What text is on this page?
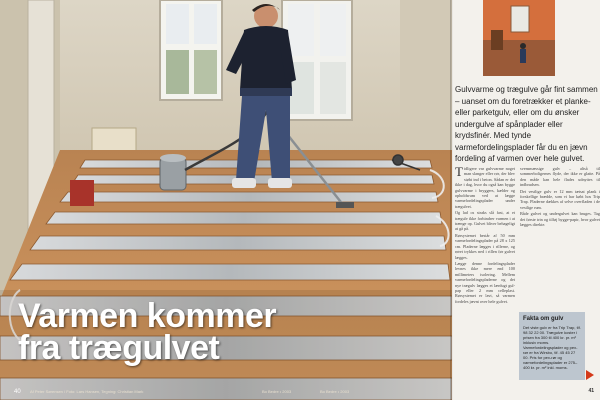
Varmen kommer
fra trægulvet
40 Af Peter Sørensen / Foto: Lars Hansen, Tegning: Christian Mark	Bo Bedre • 2003	Bo Bedre • 2003

Gulvvarme og trægulve går fint sammen – uanset om du foretrækker et planke- eller parketgulv, eller om du ønsker undergulve af spånplader eller krydsfinér. Med tynde varmefordelingsplader får du en jævn fordeling af varmen over hele gulvet.

Tidligere var gulvvarme noget man slanger eller rør, der blev støbt ind i beton. Sådan er det ikke i dag, hvor du også kan bygge gulvvarme i bryggers, kælder og opholdsrum ved at lægge varmefordelingsplader under trægulvet.

Og lad os straks slå fast, at et trægulv ikke forhindrer varmen i at trænge op. Gulvet bliver behageligt at gå på.

Rørsystemet består af 50 mm varmefordelingsplader på 28 x 125 cm. Pladerne lægges i rillerne, og røret trykkes ned i rillen før gulvet lægges.

Lægge denne fordelingsplader levnes ikke mere end 100 millimeters isolering. Mellem varmefordelingspladerne og det nye trægulv lægges et lærdugt gul-pap eller 2 mm celleplast. Rørsystemet er lavt, så varmen fordeles jævnt over hele gulvet.

svensmæssige gulv – altså til sommerboligernes flyde, der ikke er glatte. På den måde kan hele flades udnyttes til indbrudsen.

Det vestlige gulv er 12 mm tætsat plank i forskellige brædde, som vi har købt hos Trip Trap. Pladerne dækkes af selve overfladen i de vestlige rum.

Både gulvet og undergulvet kan bruges. Tag det første trin og tilføj bygge-papir, hvor gulvet lægges direkte.

Fakta om gulv
Det viste gulv er fra Trip Trap, tlf. 98 32 22 00. Trægulve koster i prisen fra 300 til 400 kr. pr. m² inklusiv moms. Varmefordelingsplader og pex-rør er fra Wirsbo, tlf. 45 45 27 00. Pris for pex-rør og varmefordelingsplader er 275–400 kr. pr. m² inkl. moms.
41
